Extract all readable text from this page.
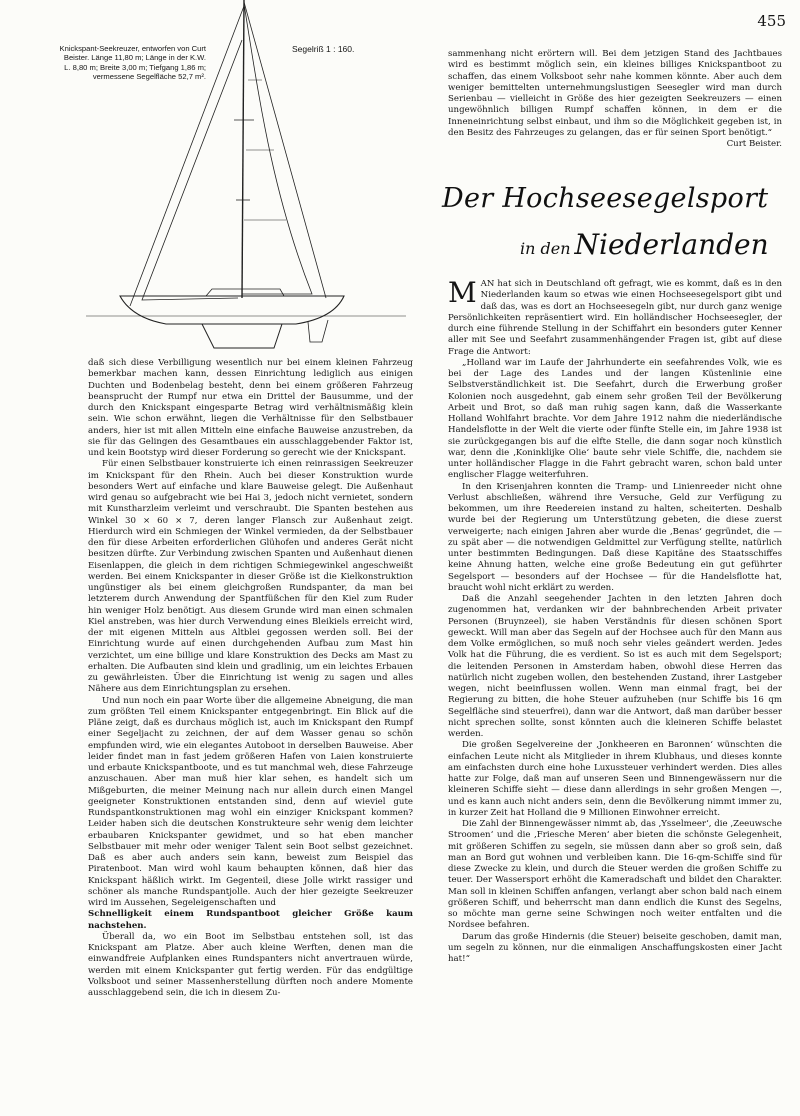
455
Knickspant-Seekreuzer, entworfen von Curt Beister. Länge 11,80 m; Länge in der K.W. L. 8,80 m; Breite 3,00 m; Tiefgang 1,86 m; vermessene Segelfläche 52,7 m².
Segelriß 1 : 160.

daß sich diese Verbilligung wesentlich nur bei einem kleinen Fahrzeug bemerkbar machen kann, dessen Einrichtung lediglich aus einigen Duchten und Bodenbelag besteht, denn bei einem größeren Fahrzeug beansprucht der Rumpf nur etwa ein Drittel der Bausumme, und der durch den Knickspant eingesparte Betrag wird verhältnismäßig klein sein. Wie schon erwähnt, liegen die Verhältnisse für den Selbstbauer anders, hier ist mit allen Mitteln eine einfache Bauweise anzustreben, da sie für das Gelingen des Gesamtbaues ein ausschlaggebender Faktor ist, und kein Bootstyp wird dieser Forderung so gerecht wie der Knickspant.

Für einen Selbstbauer konstruierte ich einen reinrassigen Seekreuzer im Knickspant für den Rhein. Auch bei dieser Konstruktion wurde besonders Wert auf einfache und klare Bauweise gelegt. Die Außenhaut wird genau so aufgebracht wie bei Hai 3, jedoch nicht vernietet, sondern mit Kunstharzleim verleimt und verschraubt. Die Spanten bestehen aus Winkel 30 × 60 × 7, deren langer Flansch zur Außenhaut zeigt. Hierdurch wird ein Schmiegen der Winkel vermieden, da der Selbstbauer den für diese Arbeiten erforderlichen Glühofen und anderes Gerät nicht besitzen dürfte. Zur Verbindung zwischen Spanten und Außenhaut dienen Eisenlappen, die gleich in dem richtigen Schmiegewinkel angeschweißt werden. Bei einem Knickspanter in dieser Größe ist die Kielkonstruktion ungünstiger als bei einem gleichgroßen Rundspanter, da man bei letzterem durch Anwendung der Spantfüßchen für den Kiel zum Ruder hin weniger Holz benötigt. Aus diesem Grunde wird man einen schmalen Kiel anstreben, was hier durch Verwendung eines Bleikiels erreicht wird, der mit eigenen Mitteln aus Altblei gegossen werden soll. Bei der Einrichtung wurde auf einen durchgehenden Aufbau zum Mast hin verzichtet, um eine billige und klare Konstruktion des Decks am Mast zu erhalten. Die Aufbauten sind klein und gradlinig, um ein leichtes Erbauen zu gewährleisten. Über die Einrichtung ist wenig zu sagen und alles Nähere aus dem Einrichtungsplan zu ersehen.

Und nun noch ein paar Worte über die allgemeine Abneigung, die man zum größten Teil einem Knickspanter entgegenbringt. Ein Blick auf die Pläne zeigt, daß es durchaus möglich ist, auch im Knickspant den Rumpf einer Segeljacht zu zeichnen, der auf dem Wasser genau so schön empfunden wird, wie ein elegantes Autoboot in derselben Bauweise. Aber leider findet man in fast jedem größeren Hafen von Laien konstruierte und erbaute Knickspantboote, und es tut manchmal weh, diese Fahrzeuge anzuschauen. Aber man muß hier klar sehen, es handelt sich um Mißgeburten, die meiner Meinung nach nur allein durch einen Mangel geeigneter Konstruktionen entstanden sind, denn auf wieviel gute Rundspantkonstruktionen mag wohl ein einziger Knickspant kommen? Leider haben sich die deutschen Konstrukteure sehr wenig dem leichter erbaubaren Knickspanter gewidmet, und so hat eben mancher Selbstbauer mit mehr oder weniger Talent sein Boot selbst gezeichnet. Daß es aber auch anders sein kann, beweist zum Beispiel das Piratenboot. Man wird wohl kaum behaupten können, daß hier das Knickspant häßlich wirkt. Im Gegenteil, diese Jolle wirkt rassiger und schöner als manche Rundspantjolle. Auch der hier gezeigte Seekreuzer wird im Aussehen, Segeleigenschaften und

Schnelligkeit einem Rundspantboot gleicher Größe kaum nachstehen.

Überall da, wo ein Boot im Selbstbau entstehen soll, ist das Knickspant am Platze. Aber auch kleine Werften, denen man die einwandfreie Aufplanken eines Rundspanters nicht anvertrauen würde, werden mit einem Knickspanter gut fertig werden. Für das endgültige Volksboot und seiner Massenherstellung dürften noch andere Momente ausschlaggebend sein, die ich in diesem Zu-

sammenhang nicht erörtern will. Bei dem jetzigen Stand des Jachtbaues wird es bestimmt möglich sein, ein kleines billiges Knickspantboot zu schaffen, das einem Volksboot sehr nahe kommen könnte. Aber auch dem weniger bemittelten unternehmungslustigen Seesegler wird man durch Serienbau — vielleicht in Größe des hier gezeigten Seekreuzers — einen ungewöhnlich billigen Rumpf schaffen können, in dem er die Inneneinrichtung selbst einbaut, und ihm so die Möglichkeit gegeben ist, in den Besitz des Fahrzeuges zu gelangen, das er für seinen Sport benötigt.“

Curt Beister.

Der Hochseesegelsport
in den Niederlanden

MAN hat sich in Deutschland oft gefragt, wie es kommt, daß es in den Niederlanden kaum so etwas wie einen Hochseesegelsport gibt und daß das, was es dort an Hochseesegeln gibt, nur durch ganz wenige Persönlichkeiten repräsentiert wird. Ein holländischer Hochseesegler, der durch eine führende Stellung in der Schiffahrt ein besonders guter Kenner aller mit See und Seefahrt zusammenhängender Fragen ist, gibt auf diese Frage die Antwort:

„Holland war im Laufe der Jahrhunderte ein seefahrendes Volk, wie es bei der Lage des Landes und der langen Küstenlinie eine Selbstverständlichkeit ist. Die Seefahrt, durch die Erwerbung großer Kolonien noch ausgedehnt, gab einem sehr großen Teil der Bevölkerung Arbeit und Brot, so daß man ruhig sagen kann, daß die Wasserkante Holland Wohlfahrt brachte. Vor dem Jahre 1912 nahm die niederländische Handelsflotte in der Welt die vierte oder fünfte Stelle ein, im Jahre 1938 ist sie zurückgegangen bis auf die elfte Stelle, die dann sogar noch künstlich war, denn die ‚Koninklijke Olie‘ baute sehr viele Schiffe, die, nachdem sie unter holländischer Flagge in die Fahrt gebracht waren, schon bald unter englischer Flagge weiterfuhren.

In den Krisenjahren konnten die Tramp- und Linienreeder nicht ohne Verlust abschließen, während ihre Versuche, Geld zur Verfügung zu bekommen, um ihre Reedereien instand zu halten, scheiterten. Deshalb wurde bei der Regierung um Unterstützung gebeten, die diese zuerst verweigerte; nach einigen Jahren aber wurde die ‚Benas‘ gegründet, die — zu spät aber — die notwendigen Geldmittel zur Verfügung stellte, natürlich unter bestimmten Bedingungen. Daß diese Kapitäne des Staatsschiffes keine Ahnung hatten, welche eine große Bedeutung ein gut geführter Segelsport — besonders auf der Hochsee — für die Handelsflotte hat, braucht wohl nicht erklärt zu werden.

Daß die Anzahl seegehender Jachten in den letzten Jahren doch zugenommen hat, verdanken wir der bahnbrechenden Arbeit privater Personen (Bruynzeel), sie haben Verständnis für diesen schönen Sport geweckt. Will man aber das Segeln auf der Hochsee auch für den Mann aus dem Volke ermöglichen, so muß noch sehr vieles geändert werden. Jedes Volk hat die Führung, die es verdient. So ist es auch mit dem Segelsport; die leitenden Personen in Amsterdam haben, obwohl diese Herren das natürlich nicht zugeben wollen, den bestehenden Zustand, ihrer Lastgeber wegen, nicht beeinflussen wollen. Wenn man einmal fragt, bei der Regierung zu bitten, die hohe Steuer aufzuheben (nur Schiffe bis 16 qm Segelfläche sind steuerfrei), dann war die Antwort, daß man darüber besser nicht sprechen sollte, sonst könnten auch die kleineren Schiffe belastet werden.

Die großen Segelvereine der ‚Jonkheeren en Baronnen‘ wünschten die einfachen Leute nicht als Mitglieder in ihrem Klubhaus, und dieses konnte am einfachsten durch eine hohe Luxussteuer verhindert werden. Dies alles hatte zur Folge, daß man auf unseren Seen und Binnengewässern nur die kleineren Schiffe sieht — diese dann allerdings in sehr großen Mengen —, und es kann auch nicht anders sein, denn die Bevölkerung nimmt immer zu, in kurzer Zeit hat Holland die 9 Millionen Einwohner erreicht.

Die Zahl der Binnengewässer nimmt ab, das ‚Ysselmeer‘, die ‚Zeeuwsche Stroomen‘ und die ‚Friesche Meren‘ aber bieten die schönste Gelegenheit, mit größeren Schiffen zu segeln, sie müssen dann aber so groß sein, daß man an Bord gut wohnen und verbleiben kann. Die 16-qm-Schiffe sind für diese Zwecke zu klein, und durch die Steuer werden die großen Schiffe zu teuer. Der Wassersport erhöht die Kameradschaft und bildet den Charakter. Man soll in kleinen Schiffen anfangen, verlangt aber schon bald nach einem größeren Schiff, und beherrscht man dann endlich die Kunst des Segelns, so möchte man gerne seine Schwingen noch weiter entfalten und die Nordsee befahren.

Darum das große Hindernis (die Steuer) beiseite geschoben, damit man, um segeln zu können, nur die einmaligen Anschaffungskosten einer Jacht hat!“
